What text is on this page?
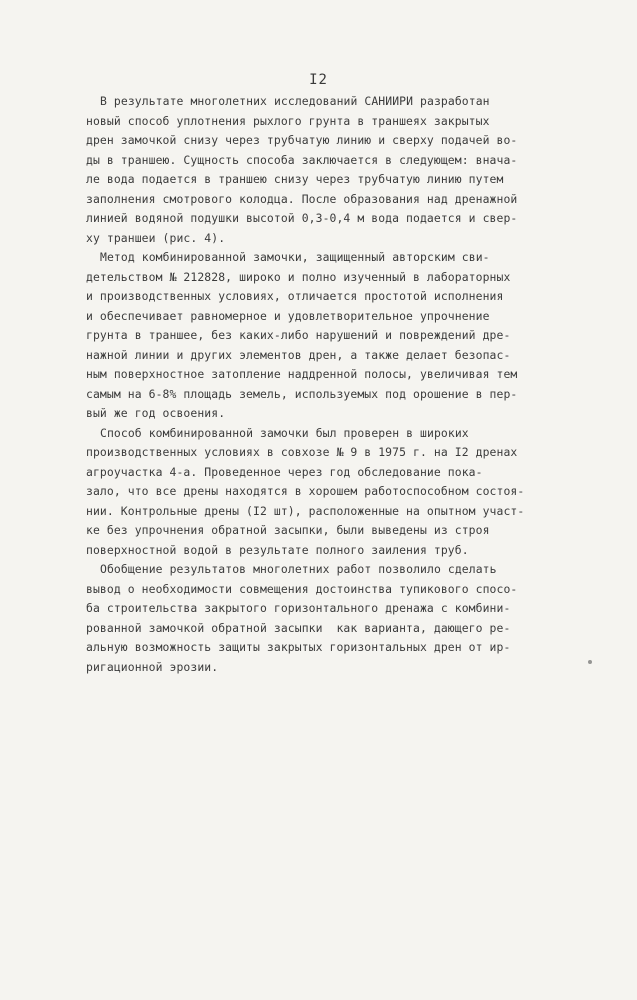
I2
В результате многолетних исследований САНИИРИ разработан
новый способ уплотнения рыхлого грунта в траншеях закрытых
дрен замочкой снизу через трубчатую линию и сверху подачей во-
ды в траншею. Сущность способа заключается в следующем: внача-
ле вода подается в траншею снизу через трубчатую линию путем
заполнения смотрового колодца. После образования над дренажной
линией водяной подушки высотой 0,3-0,4 м вода подается и свер-
ху траншеи (рис. 4).
Метод комбинированной замочки, защищенный авторским сви-
детельством № 212828, широко и полно изученный в лабораторных
и производственных условиях, отличается простотой исполнения
и обеспечивает равномерное и удовлетворительное упрочнение
грунта в траншее, без каких-либо нарушений и повреждений дре-
нажной линии и других элементов дрен, а также делает безопас-
ным поверхностное затопление наддренной полосы, увеличивая тем
самым на 6-8% площадь земель, используемых под орошение в пер-
вый же год освоения.
Способ комбинированной замочки был проверен в широких
производственных условиях в совхозе № 9 в 1975 г. на I2 дренах
агроучастка 4-а. Проведенное через год обследование пока-
зало, что все дрены находятся в хорошем работоспособном состоя-
нии. Контрольные дрены (I2 шт), расположенные на опытном участ-
ке без упрочнения обратной засыпки, были выведены из строя
поверхностной водой в результате полного заиления труб.
Обобщение результатов многолетних работ позволило сделать
вывод о необходимости совмещения достоинства тупикового спосо-
ба строительства закрытого горизонтального дренажа с комбини-
рованной замочкой обратной засыпки  как варианта, дающего ре-
альную возможность защиты закрытых горизонтальных дрен от ир-
ригационной эрозии.
